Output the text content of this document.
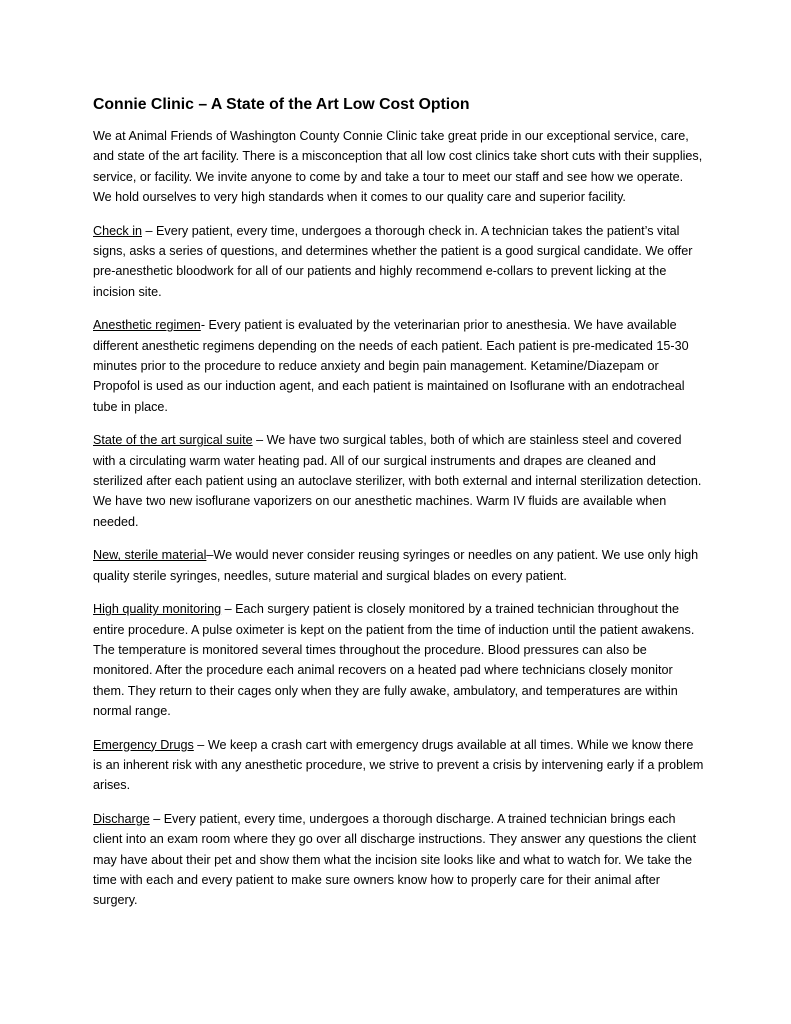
Connie Clinic – A State of the Art Low Cost Option

We at Animal Friends of Washington County Connie Clinic take great pride in our exceptional service, care, and state of the art facility. There is a misconception that all low cost clinics take short cuts with their supplies, service, or facility. We invite anyone to come by and take a tour to meet our staff and see how we operate. We hold ourselves to very high standards when it comes to our quality care and superior facility.

Check in – Every patient, every time, undergoes a thorough check in. A technician takes the patient’s vital signs, asks a series of questions, and determines whether the patient is a good surgical candidate. We offer pre-anesthetic bloodwork for all of our patients and highly recommend e-collars to prevent licking at the incision site.

Anesthetic regimen- Every patient is evaluated by the veterinarian prior to anesthesia. We have available different anesthetic regimens depending on the needs of each patient. Each patient is pre-medicated 15-30 minutes prior to the procedure to reduce anxiety and begin pain management. Ketamine/Diazepam or Propofol is used as our induction agent, and each patient is maintained on Isoflurane with an endotracheal tube in place.

State of the art surgical suite – We have two surgical tables, both of which are stainless steel and covered with a circulating warm water heating pad. All of our surgical instruments and drapes are cleaned and sterilized after each patient using an autoclave sterilizer, with both external and internal sterilization detection. We have two new isoflurane vaporizers on our anesthetic machines. Warm IV fluids are available when needed.

New, sterile material–We would never consider reusing syringes or needles on any patient. We use only high quality sterile syringes, needles, suture material and surgical blades on every patient.

High quality monitoring – Each surgery patient is closely monitored by a trained technician throughout the entire procedure. A pulse oximeter is kept on the patient from the time of induction until the patient awakens. The temperature is monitored several times throughout the procedure. Blood pressures can also be monitored. After the procedure each animal recovers on a heated pad where technicians closely monitor them. They return to their cages only when they are fully awake, ambulatory, and temperatures are within normal range.

Emergency Drugs – We keep a crash cart with emergency drugs available at all times. While we know there is an inherent risk with any anesthetic procedure, we strive to prevent a crisis by intervening early if a problem arises.

Discharge – Every patient, every time, undergoes a thorough discharge. A trained technician brings each client into an exam room where they go over all discharge instructions. They answer any questions the client may have about their pet and show them what the incision site looks like and what to watch for. We take the time with each and every patient to make sure owners know how to properly care for their animal after surgery.
